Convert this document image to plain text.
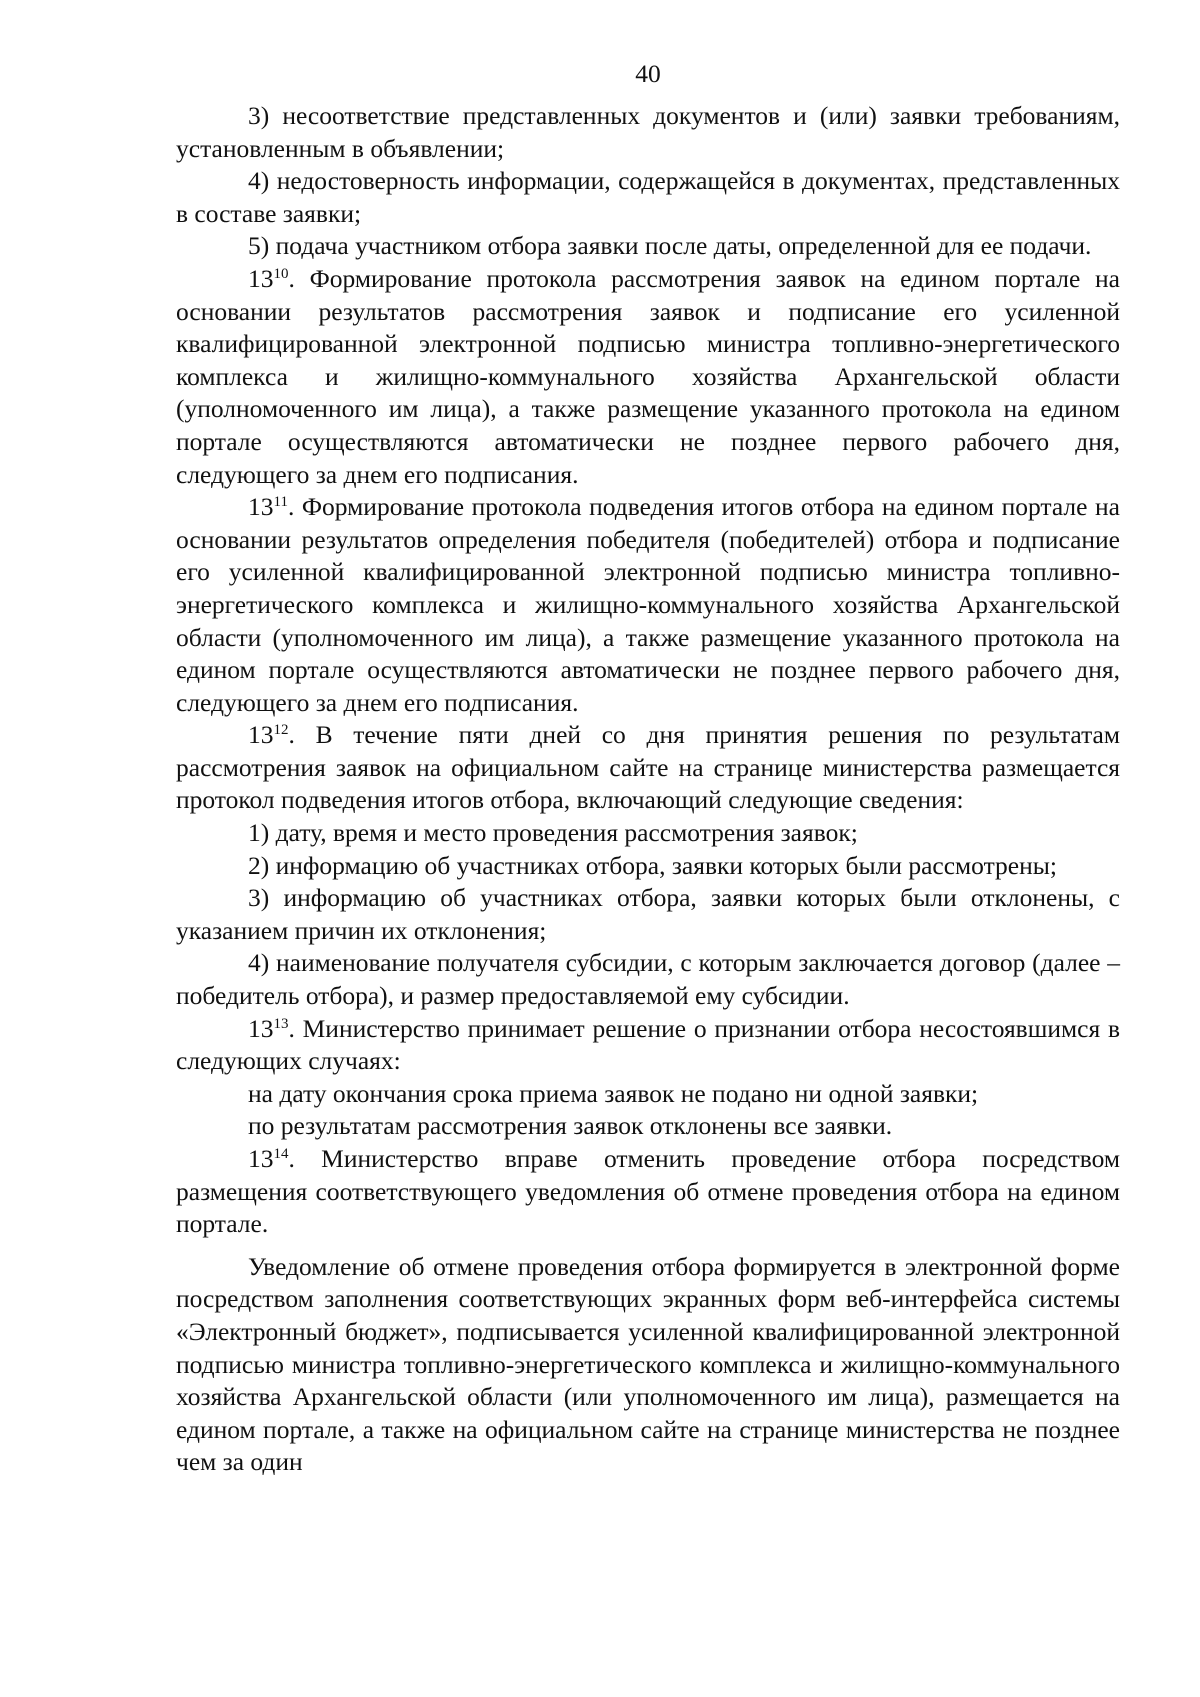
40

3) несоответствие представленных документов и (или) заявки требованиям, установленным в объявлении;

4) недостоверность информации, содержащейся в документах, представленных в составе заявки;

5) подача участником отбора заявки после даты, определенной для ее подачи.

$13^{10}$. Формирование протокола рассмотрения заявок на едином портале на основании результатов рассмотрения заявок и подписание его усиленной квалифицированной электронной подписью министра топливно-энергетического комплекса и жилищно-коммунального хозяйства Архангельской области (уполномоченного им лица), а также размещение указанного протокола на едином портале осуществляются автоматически не позднее первого рабочего дня, следующего за днем его подписания.

$13^{11}$. Формирование протокола подведения итогов отбора на едином портале на основании результатов определения победителя (победителей) отбора и подписание его усиленной квалифицированной электронной подписью министра топливно-энергетического комплекса и жилищно-коммунального хозяйства Архангельской области (уполномоченного им лица), а также размещение указанного протокола на едином портале осуществляются автоматически не позднее первого рабочего дня, следующего за днем его подписания.

$13^{12}$. В течение пяти дней со дня принятия решения по результатам рассмотрения заявок на официальном сайте на странице министерства размещается протокол подведения итогов отбора, включающий следующие сведения:

1) дату, время и место проведения рассмотрения заявок;

2) информацию об участниках отбора, заявки которых были рассмотрены;

3) информацию об участниках отбора, заявки которых были отклонены, с указанием причин их отклонения;

4) наименование получателя субсидии, с которым заключается договор (далее – победитель отбора), и размер предоставляемой ему субсидии.

$13^{13}$. Министерство принимает решение о признании отбора несостоявшимся в следующих случаях:

на дату окончания срока приема заявок не подано ни одной заявки;

по результатам рассмотрения заявок отклонены все заявки.

$13^{14}$. Министерство вправе отменить проведение отбора посредством размещения соответствующего уведомления об отмене проведения отбора на едином портале.

Уведомление об отмене проведения отбора формируется в электронной форме посредством заполнения соответствующих экранных форм веб-интерфейса системы «Электронный бюджет», подписывается усиленной квалифицированной электронной подписью министра топливно-энергетического комплекса и жилищно-коммунального хозяйства Архангельской области (или уполномоченного им лица), размещается на едином портале, а также на официальном сайте на странице министерства не позднее чем за один
